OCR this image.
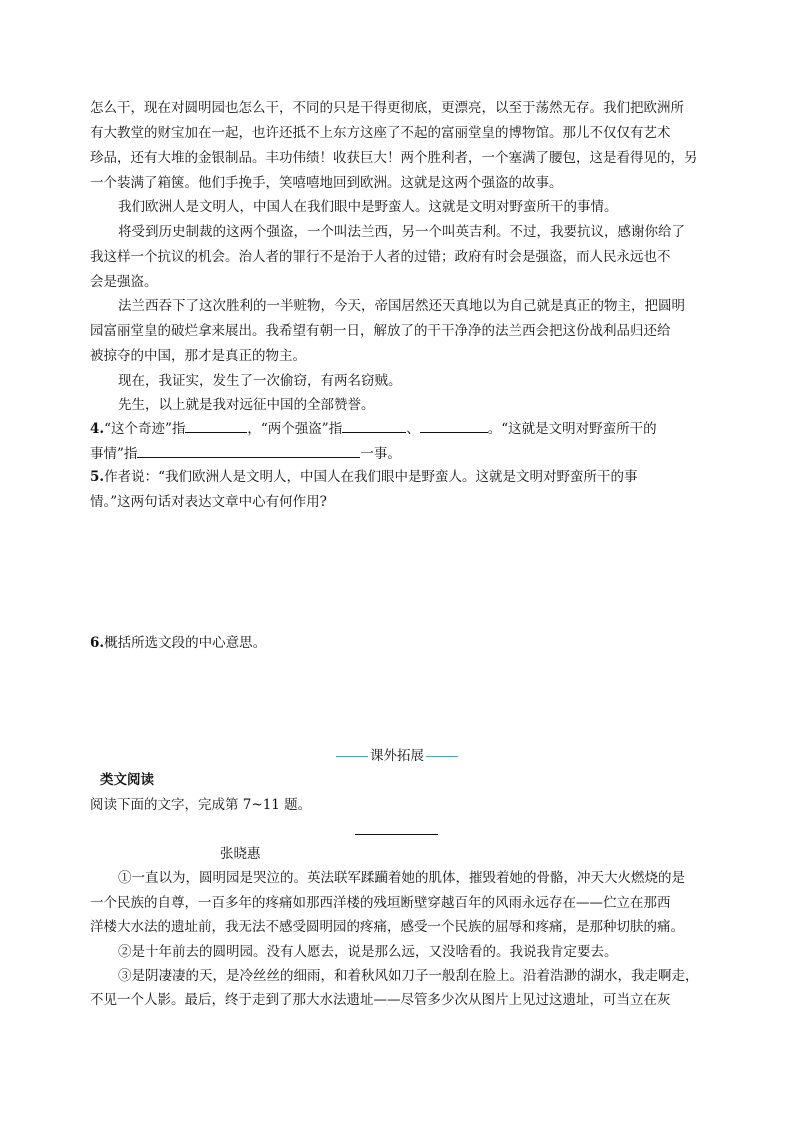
怎么干，现在对圆明园也怎么干，不同的只是干得更彻底，更漂亮，以至于荡然无存。我们把欧洲所
有大教堂的财宝加在一起，也许还抵不上东方这座了不起的富丽堂皇的博物馆。那儿不仅仅有艺术
珍品，还有大堆的金银制品。丰功伟绩！收获巨大！两个胜利者，一个塞满了腰包，这是看得见的，另
一个装满了箱箧。他们手挽手，笑嘻嘻地回到欧洲。这就是这两个强盗的故事。
我们欧洲人是文明人，中国人在我们眼中是野蛮人。这就是文明对野蛮所干的事情。
将受到历史制裁的这两个强盗，一个叫法兰西，另一个叫英吉利。不过，我要抗议，感谢你给了
我这样一个抗议的机会。治人者的罪行不是治于人者的过错；政府有时会是强盗，而人民永远也不
会是强盗。
法兰西吞下了这次胜利的一半赃物，今天，帝国居然还天真地以为自己就是真正的物主，把圆明
园富丽堂皇的破烂拿来展出。我希望有朝一日，解放了的干干净净的法兰西会把这份战利品归还给
被掠夺的中国，那才是真正的物主。
现在，我证实，发生了一次偷窃，有两名窃贼。
先生，以上就是我对远征中国的全部赞誉。
4.“这个奇迹”指	，“两个强盗”指	、	。“这就是文明对野蛮所干的
事情”指	一事。
5.作者说：“我们欧洲人是文明人，中国人在我们眼中是野蛮人。这就是文明对野蛮所干的事
情。”这两句话对表达文章中心有何作用?
6.概括所选文段的中心意思。
课外拓展
类文阅读
阅读下面的文字，完成第 7~11 题。
张晓惠
①一直以为，圆明园是哭泣的。英法联军蹂躏着她的肌体，摧毁着她的骨骼，冲天大火燃烧的是
一个民族的自尊，一百多年的疼痛如那西洋楼的残垣断壁穿越百年的风雨永远存在——伫立在那西
洋楼大水法的遗址前，我无法不感受圆明园的疼痛，感受一个民族的屈辱和疼痛，是那种切肤的痛。
②是十年前去的圆明园。没有人愿去，说是那么远，又没啥看的。我说我肯定要去。
③是阴凄凄的天，是冷丝丝的细雨，和着秋风如刀子一般刮在脸上。沿着浩渺的湖水，我走啊走，
不见一个人影。最后，终于走到了那大水法遗址——尽管多少次从图片上见过这遗址，可当立在灰
